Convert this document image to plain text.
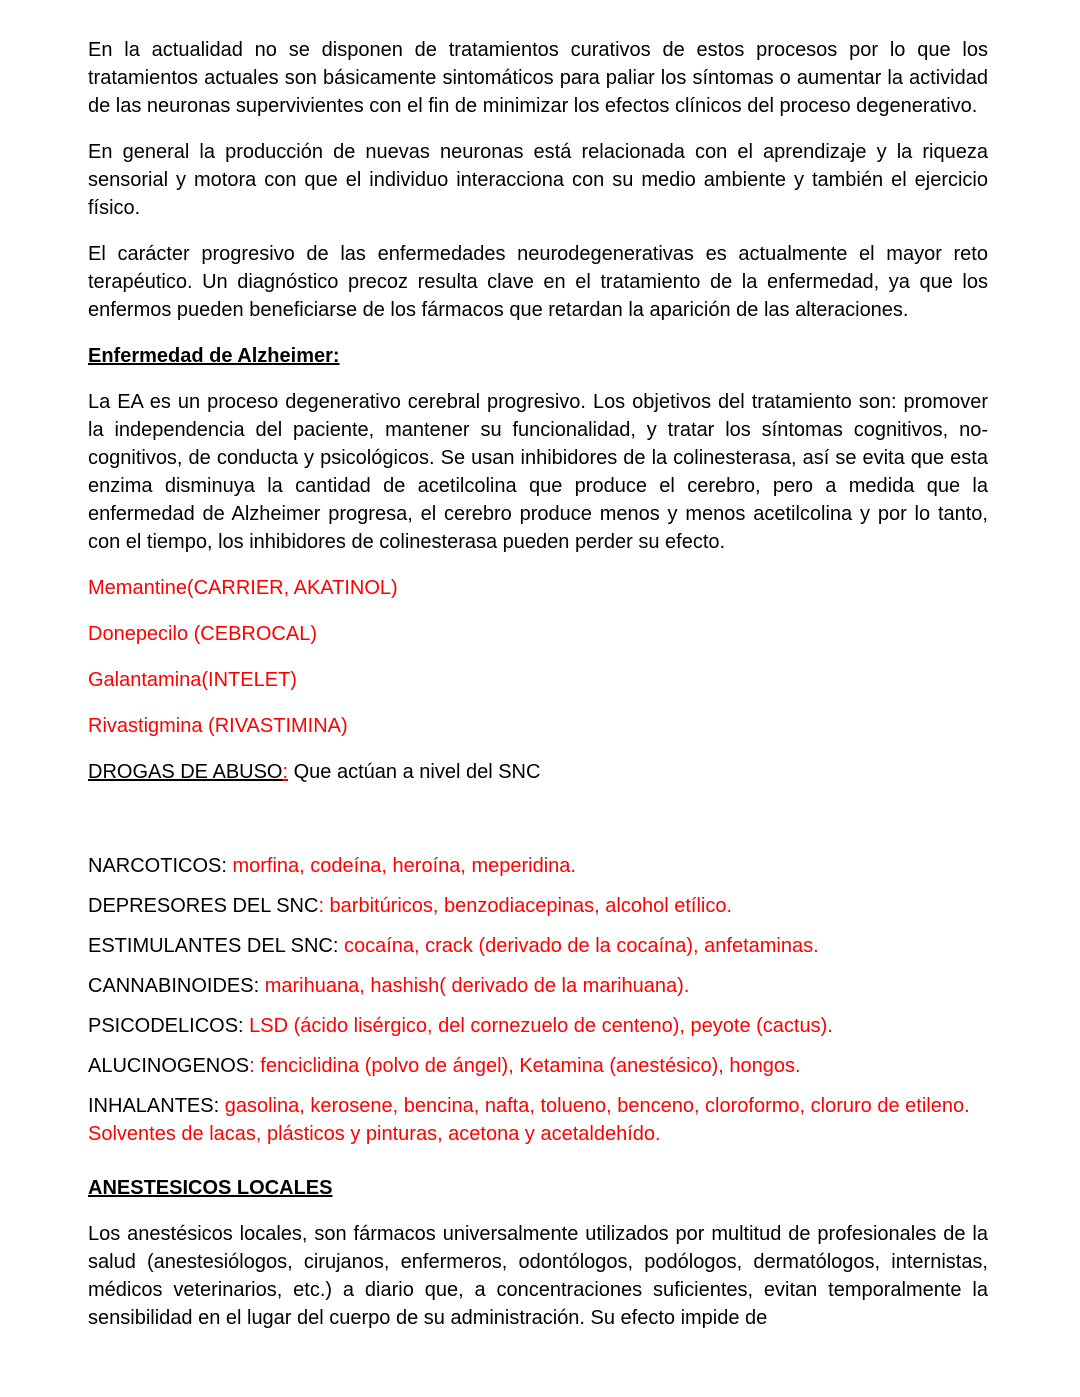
En la actualidad no se disponen de tratamientos curativos de estos procesos por lo que los tratamientos actuales son básicamente sintomáticos para paliar los síntomas o aumentar la actividad de las neuronas supervivientes con el fin de minimizar los efectos clínicos del proceso degenerativo.

En general la producción de nuevas neuronas está relacionada con el aprendizaje y la riqueza sensorial y motora con que el individuo interacciona con su medio ambiente y también el ejercicio físico.

El carácter progresivo de las enfermedades neurodegenerativas es actualmente el mayor reto terapéutico. Un diagnóstico precoz resulta clave en el tratamiento de la enfermedad, ya que los enfermos pueden beneficiarse de los fármacos que retardan la aparición de las alteraciones.

Enfermedad de Alzheimer:

La EA es un proceso degenerativo cerebral progresivo. Los objetivos del tratamiento son: promover la independencia del paciente, mantener su funcionalidad, y tratar los síntomas cognitivos, no-cognitivos, de conducta y psicológicos. Se usan inhibidores de la colinesterasa, así se evita que esta enzima disminuya la cantidad de acetilcolina que produce el cerebro, pero a medida que la enfermedad de Alzheimer progresa, el cerebro produce menos y menos acetilcolina y por lo tanto, con el tiempo, los inhibidores de colinesterasa pueden perder su efecto.

Memantine(CARRIER, AKATINOL)

Donepecilo (CEBROCAL)

Galantamina(INTELET)

Rivastigmina (RIVASTIMINA)

DROGAS DE ABUSO: Que actúan a nivel del SNC

NARCOTICOS: morfina, codeína, heroína, meperidina.

DEPRESORES DEL SNC: barbitúricos, benzodiacepinas, alcohol etílico.

ESTIMULANTES DEL SNC: cocaína, crack (derivado de la cocaína), anfetaminas.

CANNABINOIDES: marihuana, hashish( derivado de la marihuana).

PSICODELICOS: LSD (ácido lisérgico, del cornezuelo de centeno), peyote (cactus).

ALUCINOGENOS: fenciclidina (polvo de ángel), Ketamina (anestésico), hongos.

INHALANTES: gasolina, kerosene, bencina, nafta, tolueno, benceno, cloroformo, cloruro de etileno. Solventes de lacas, plásticos y pinturas, acetona y acetaldehído.

ANESTESICOS LOCALES

Los anestésicos locales, son fármacos universalmente utilizados por multitud de profesionales de la salud (anestesiólogos, cirujanos, enfermeros, odontólogos, podólogos, dermatólogos, internistas, médicos veterinarios, etc.) a diario que, a concentraciones suficientes, evitan temporalmente la sensibilidad en el lugar del cuerpo de su administración. Su efecto impide de
